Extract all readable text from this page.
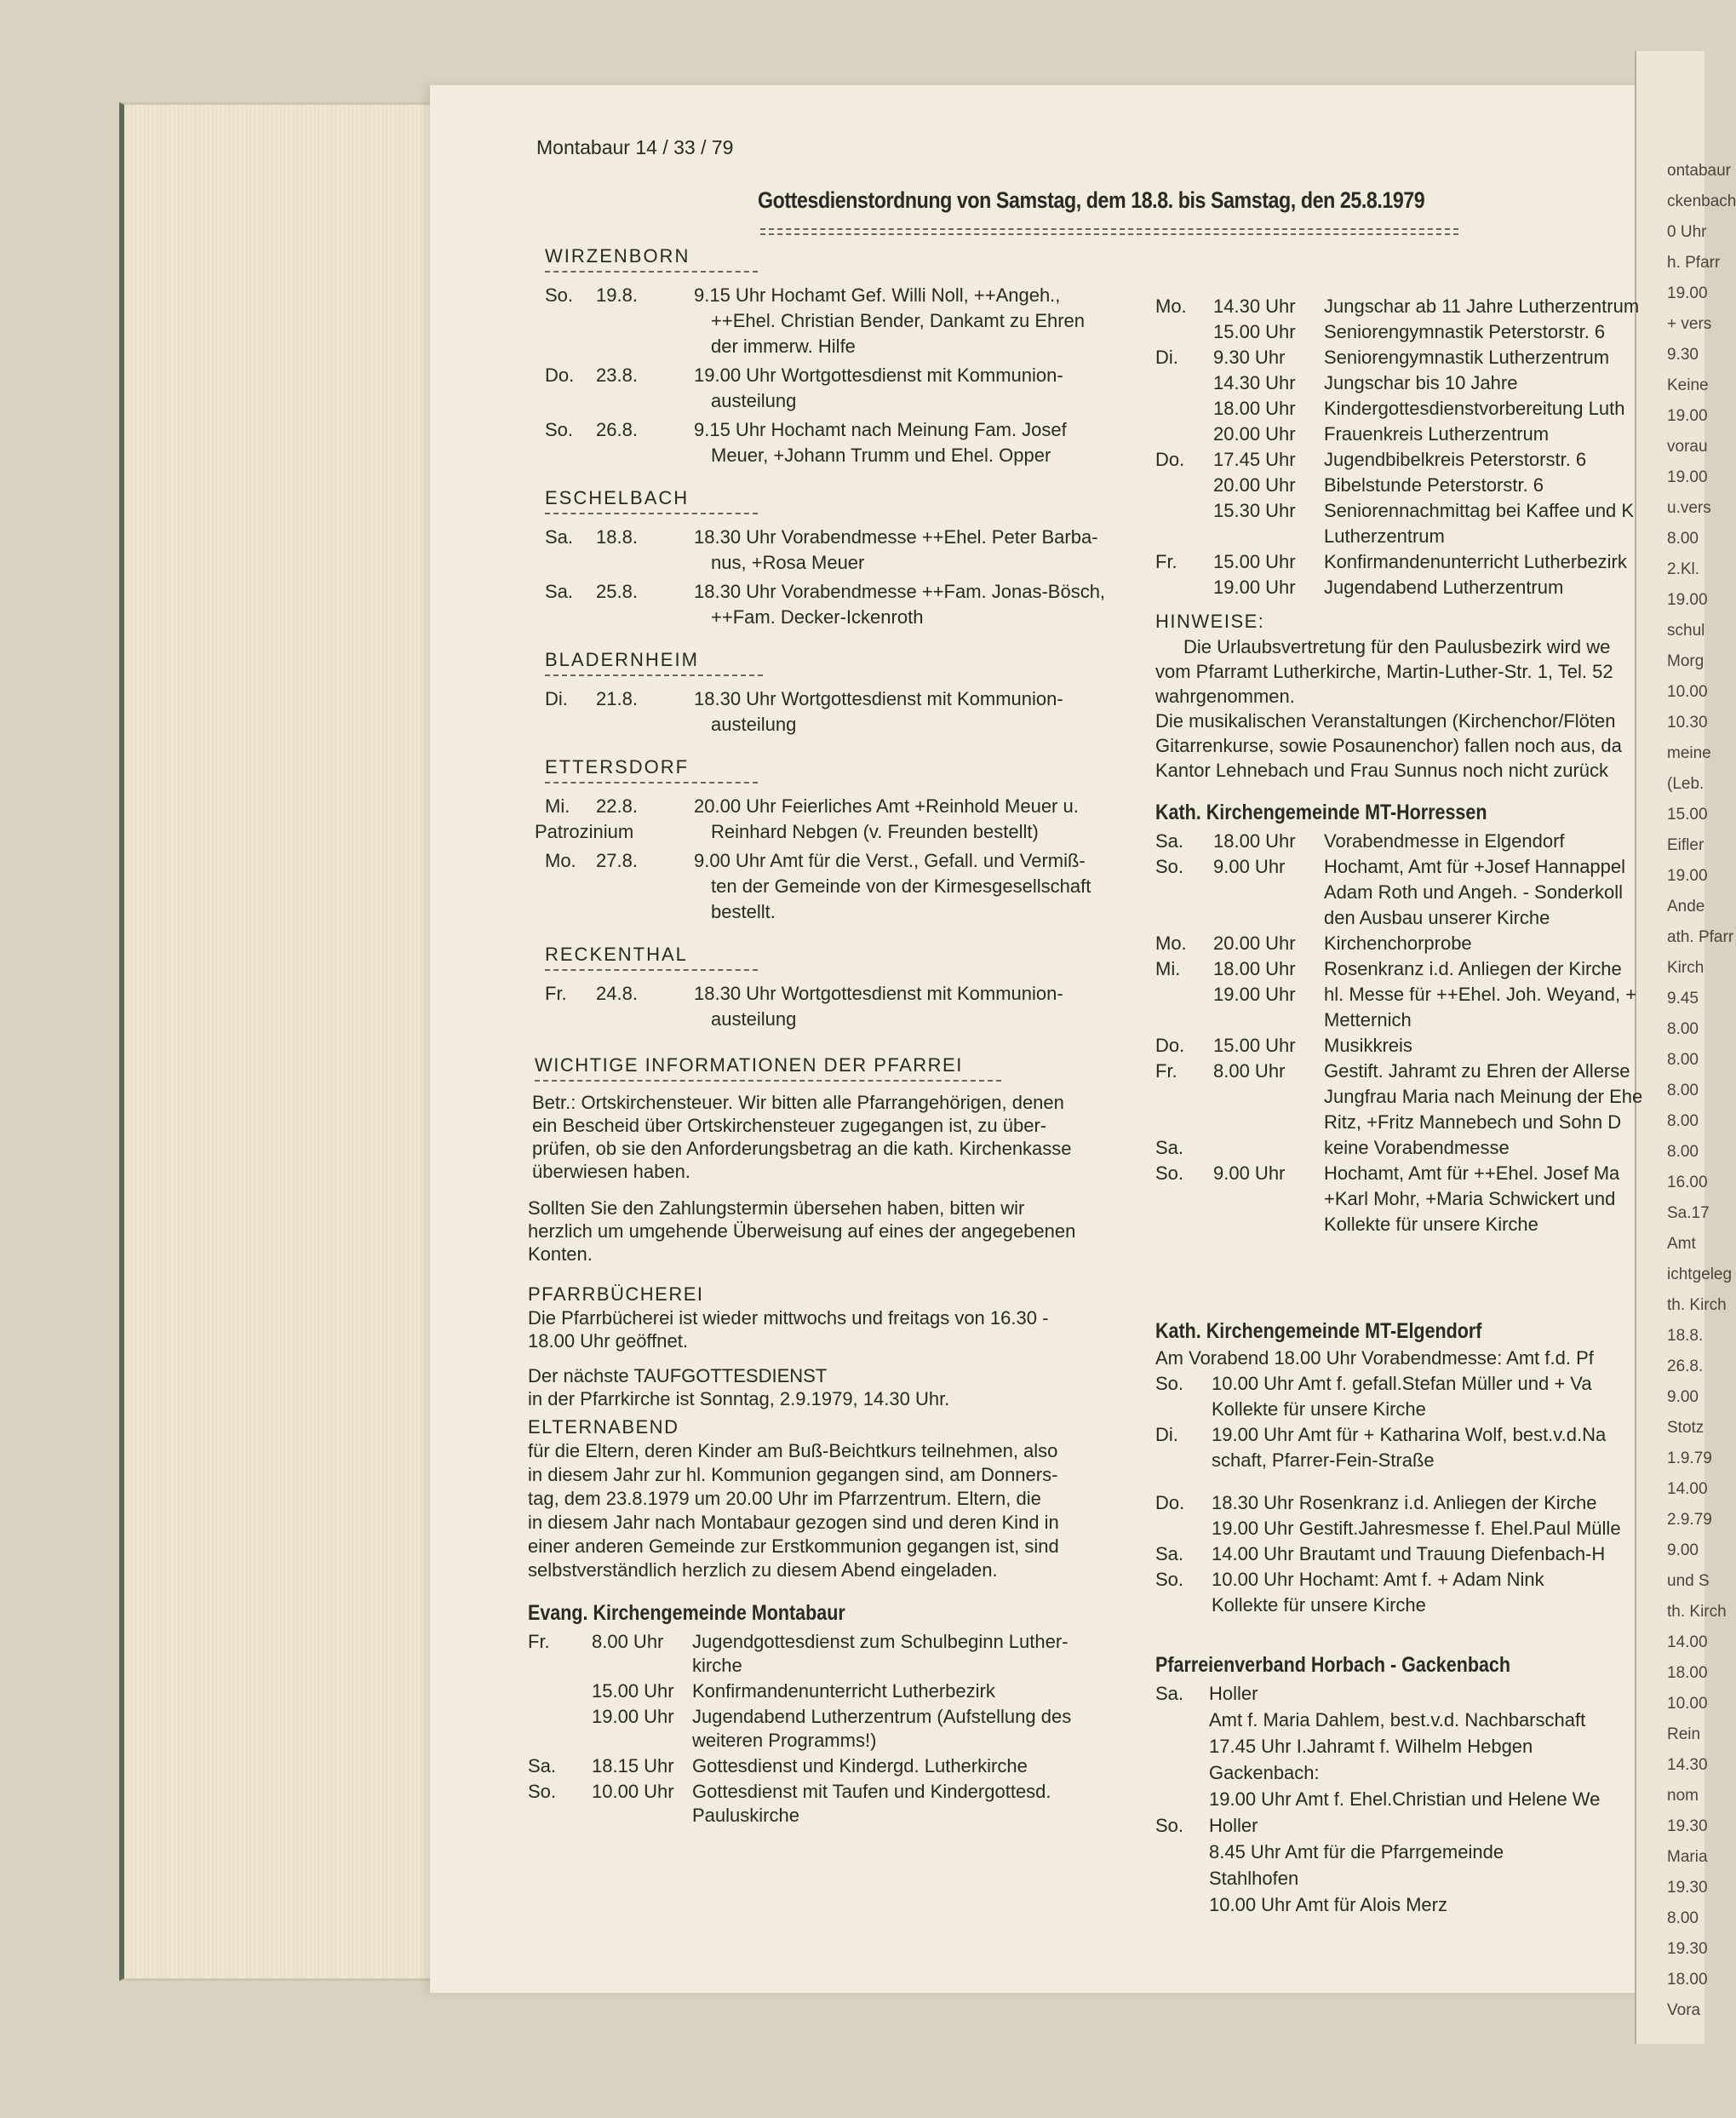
ontabaur
ckenbach
0 Uhr
h. Pfarr
19.00
+ vers
9.30
Keine
19.00
vorau
19.00
u.vers
8.00
2.Kl.
19.00
schul
Morg
10.00
10.30
meine
(Leb.
15.00
Eifler
19.00
Ande
ath. Pfarr
Kirch
9.45
8.00
8.00
8.00
8.00
8.00
16.00
Sa.17
Amt
ichtgeleg
th. Kirch
18.8.
26.8.
9.00
Stotz
1.9.79
14.00
2.9.79
9.00
und S
th. Kirch
14.00
18.00
10.00
Rein
14.30
nom
19.30
Maria
19.30
8.00
19.30
18.00
Vora
WIRZENBORN
So. 19.8.	9.15 Uhr Hochamt Gef. Willi Noll, ++Angeh.,
++Ehel. Christian Bender, Dankamt zu Ehren
der immerw. Hilfe
Do. 23.8.	19.00 Uhr Wortgottesdienst mit Kommunion-
austeilung
So. 26.8.	9.15 Uhr Hochamt nach Meinung Fam. Josef
Meuer, +Johann Trumm und Ehel. Opper
ESCHELBACH
Sa. 18.8.	18.30 Uhr Vorabendmesse ++Ehel. Peter Barba-
nus, +Rosa Meuer
Sa. 25.8.	18.30 Uhr Vorabendmesse ++Fam. Jonas-Bösch,
++Fam. Decker-Ickenroth
BLADERNHEIM
Di. 21.8.	18.30 Uhr Wortgottesdienst mit Kommunion-
austeilung
ETTERSDORF
Mi. 22.8.	20.00 Uhr Feierliches Amt +Reinhold Meuer u.
Reinhard Nebgen (v. Freunden bestellt)
Patrozinium
Mo. 27.8.	9.00 Uhr Amt für die Verst., Gefall. und Vermiß-
ten der Gemeinde von der Kirmesgesellschaft
bestellt.
RECKENTHAL
Fr. 24.8.	18.30 Uhr Wortgottesdienst mit Kommunion-
austeilung
WICHTIGE INFORMATIONEN DER PFARREI
Betr.: Ortskirchensteuer. Wir bitten alle Pfarrangehörigen, denen
ein Bescheid über Ortskirchensteuer zugegangen ist, zu über-
prüfen, ob sie den Anforderungsbetrag an die kath. Kirchenkasse
überwiesen haben.
Sollten Sie den Zahlungstermin übersehen haben, bitten wir
herzlich um umgehende Überweisung auf eines der angegebenen
Konten.
PFARRBÜCHEREI
Die Pfarrbücherei ist wieder mittwochs und freitags von 16.30 -
18.00 Uhr geöffnet.
Der nächste TAUFGOTTESDIENST
in der Pfarrkirche ist Sonntag, 2.9.1979, 14.30 Uhr.
ELTERNABEND
für die Eltern, deren Kinder am Buß-Beichtkurs teilnehmen, also
in diesem Jahr zur hl. Kommunion gegangen sind, am Donners-
tag, dem 23.8.1979 um 20.00 Uhr im Pfarrzentrum. Eltern, die
in diesem Jahr nach Montabaur gezogen sind und deren Kind in
einer anderen Gemeinde zur Erstkommunion gegangen ist, sind
selbstverständlich herzlich zu diesem Abend eingeladen.
Evang. Kirchengemeinde Montabaur
Fr. 8.00 Uhr Jugendgottesdienst zum Schulbeginn Luther-
kirche
15.00 Uhr Konfirmandenunterricht Lutherbezirk
19.00 Uhr Jugendabend Lutherzentrum (Aufstellung des
weiteren Programms!)
Sa. 18.15 Uhr Gottesdienst und Kindergd. Lutherkirche
So. 10.00 Uhr Gottesdienst mit Taufen und Kindergottesd.
Pauluskirche
Mo. 14.30 Uhr Jungschar ab 11 Jahre Lutherzentrum
15.00 Uhr Seniorengymnastik Peterstorstr. 6
Di. 9.30 Uhr Seniorengymnastik Lutherzentrum
14.30 Uhr Jungschar bis 10 Jahre
18.00 Uhr Kindergottesdienstvorbereitung Luth
20.00 Uhr Frauenkreis Lutherzentrum
Do. 17.45 Uhr Jugendbibelkreis Peterstorstr. 6
20.00 Uhr Bibelstunde Peterstorstr. 6
15.30 Uhr Seniorennachmittag bei Kaffee und K
Lutherzentrum
Fr. 15.00 Uhr Konfirmandenunterricht Lutherbezirk
19.00 Uhr Jugendabend Lutherzentrum
HINWEISE:
Die Urlaubsvertretung für den Paulusbezirk wird we
vom Pfarramt Lutherkirche, Martin-Luther-Str. 1, Tel. 52
wahrgenommen.
Die musikalischen Veranstaltungen (Kirchenchor/Flöten
Gitarrenkurse, sowie Posaunenchor) fallen noch aus, da
Kantor Lehnebach und Frau Sunnus noch nicht zurück
Kath. Kirchengemeinde MT-Horressen
Sa. 18.00 Uhr Vorabendmesse in Elgendorf
So. 9.00 Uhr Hochamt, Amt für +Josef Hannappel
Adam Roth und Angeh. - Sonderkoll
den Ausbau unserer Kirche
Mo. 20.00 Uhr Kirchenchorprobe
Mi. 18.00 Uhr Rosenkranz i.d. Anliegen der Kirche
19.00 Uhr hl. Messe für ++Ehel. Joh. Weyand, +
Metternich
Do. 15.00 Uhr Musikkreis
Fr. 8.00 Uhr Gestift. Jahramt zu Ehren der Allerse
Jungfrau Maria nach Meinung der Ehe
Ritz, +Fritz Mannebech und Sohn D
Sa.	keine Vorabendmesse
So. 9.00 Uhr Hochamt, Amt für ++Ehel. Josef Ma
+Karl Mohr, +Maria Schwickert und
Kollekte für unsere Kirche
Kath. Kirchengemeinde MT-Elgendorf
Am Vorabend 18.00 Uhr Vorabendmesse: Amt f.d. Pf
So. 10.00 Uhr Amt f. gefall.Stefan Müller und + Va
Kollekte für unsere Kirche
Di. 19.00 Uhr Amt für + Katharina Wolf, best.v.d.Na
schaft, Pfarrer-Fein-Straße
Do. 18.30 Uhr Rosenkranz i.d. Anliegen der Kirche
19.00 Uhr Gestift.Jahresmesse f. Ehel.Paul Mülle
Sa. 14.00 Uhr Brautamt und Trauung Diefenbach-H
So. 10.00 Uhr Hochamt: Amt f. + Adam Nink
Kollekte für unsere Kirche
Pfarreienverband Horbach - Gackenbach
Sa. Holler
Amt f. Maria Dahlem, best.v.d. Nachbarschaft
17.45 Uhr I.Jahramt f. Wilhelm Hebgen
Gackenbach:
19.00 Uhr Amt f. Ehel.Christian und Helene We
So. Holler
8.45 Uhr Amt für die Pfarrgemeinde
Stahlhofen
10.00 Uhr Amt für Alois Merz
Montabaur 14 / 33 / 79
Gottesdienstordnung von Samstag, dem 18.8. bis Samstag, den 25.8.1979
